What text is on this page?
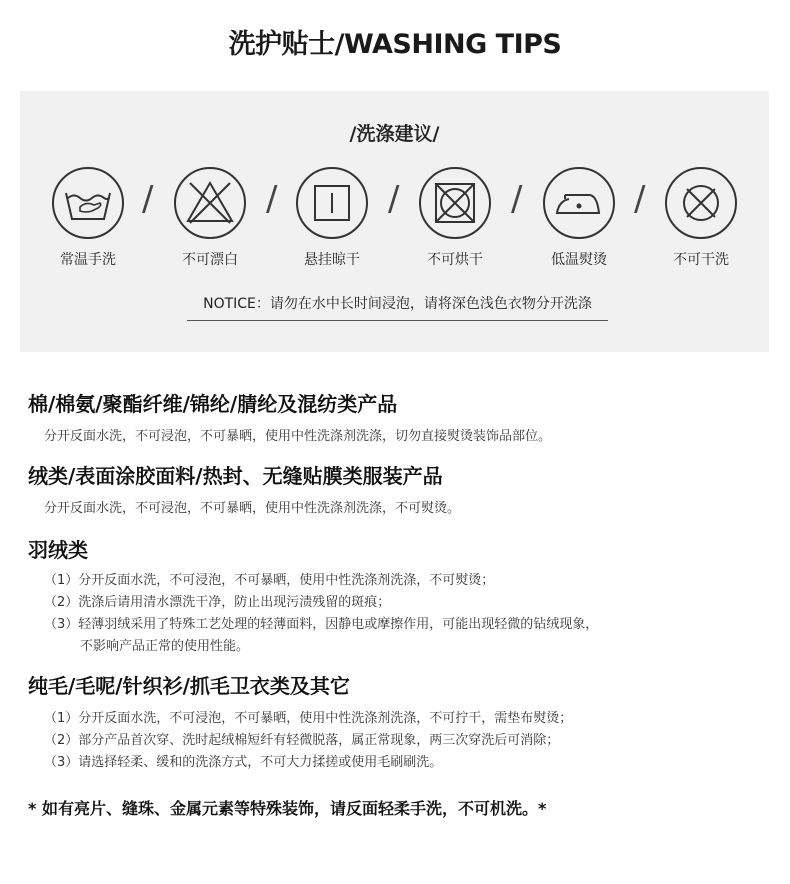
洗护贴士/WASHING TIPS
/洗涤建议/
常温手洗
/
不可漂白
/
悬挂晾干
/
不可烘干
/
低温熨烫
/
不可干洗
NOTICE：请勿在水中长时间浸泡，请将深色浅色衣物分开洗涤
棉/棉氨/聚酯纤维/锦纶/腈纶及混纺类产品
分开反面水洗，不可浸泡，不可暴晒，使用中性洗涤剂洗涤，切勿直接熨烫装饰品部位。
绒类/表面涂胶面料/热封、无缝贴膜类服装产品
分开反面水洗，不可浸泡，不可暴晒，使用中性洗涤剂洗涤，不可熨烫。
羽绒类
（1）分开反面水洗，不可浸泡，不可暴晒，使用中性洗涤剂洗涤，不可熨烫；
（2）洗涤后请用清水漂洗干净，防止出现污渍残留的斑痕；
（3）轻薄羽绒采用了特殊工艺处理的轻薄面料，因静电或摩擦作用，可能出现轻微的钻绒现象，
不影响产品正常的使用性能。
纯毛/毛呢/针织衫/抓毛卫衣类及其它
（1）分开反面水洗，不可浸泡，不可暴晒，使用中性洗涤剂洗涤，不可拧干，需垫布熨烫；
（2）部分产品首次穿、洗时起绒棉短纤有轻微脱落，属正常现象，两三次穿洗后可消除；
（3）请选择轻柔、缓和的洗涤方式，不可大力揉搓或使用毛刷刷洗。
* 如有亮片、缝珠、金属元素等特殊装饰，请反面轻柔手洗，不可机洗。*
